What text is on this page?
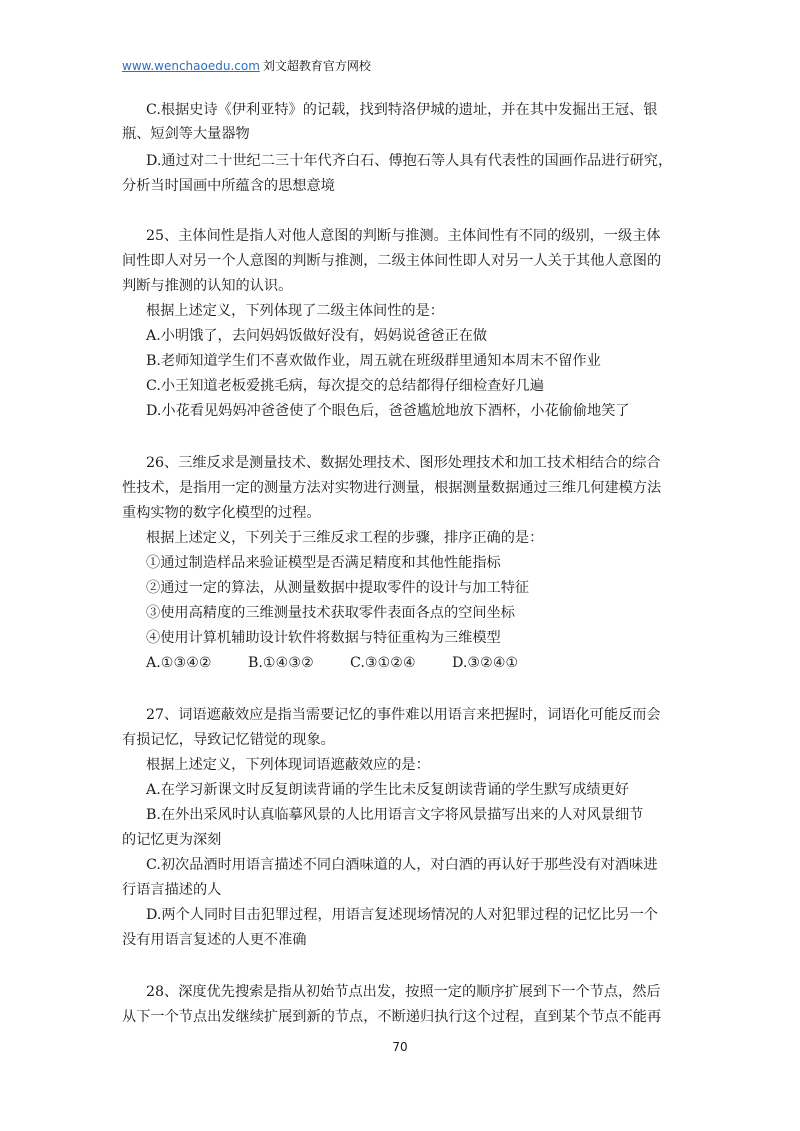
www.wenchaoedu.com 刘文超教育官方网校
C.根据史诗《伊利亚特》的记载，找到特洛伊城的遗址，并在其中发掘出王冠、银
瓶、短剑等大量器物
D.通过对二十世纪二三十年代齐白石、傅抱石等人具有代表性的国画作品进行研究，
分析当时国画中所蕴含的思想意境
25、主体间性是指人对他人意图的判断与推测。主体间性有不同的级别，一级主体
间性即人对另一个人意图的判断与推测，二级主体间性即人对另一人关于其他人意图的
判断与推测的认知的认识。
根据上述定义，下列体现了二级主体间性的是：
A.小明饿了，去问妈妈饭做好没有，妈妈说爸爸正在做
B.老师知道学生们不喜欢做作业，周五就在班级群里通知本周末不留作业
C.小王知道老板爱挑毛病，每次提交的总结都得仔细检查好几遍
D.小花看见妈妈冲爸爸使了个眼色后，爸爸尴尬地放下酒杯，小花偷偷地笑了
26、三维反求是测量技术、数据处理技术、图形处理技术和加工技术相结合的综合
性技术，是指用一定的测量方法对实物进行测量，根据测量数据通过三维几何建模方法
重构实物的数字化模型的过程。
根据上述定义，下列关于三维反求工程的步骤，排序正确的是：
①通过制造样品来验证模型是否满足精度和其他性能指标
②通过一定的算法，从测量数据中提取零件的设计与加工特征
③使用高精度的三维测量技术获取零件表面各点的空间坐标
④使用计算机辅助设计软件将数据与特征重构为三维模型
A.①③④②	B.①④③②	C.③①②④	D.③②④①
27、词语遮蔽效应是指当需要记忆的事件难以用语言来把握时，词语化可能反而会
有损记忆，导致记忆错觉的现象。
根据上述定义，下列体现词语遮蔽效应的是：
A.在学习新课文时反复朗读背诵的学生比未反复朗读背诵的学生默写成绩更好
B.在外出采风时认真临摹风景的人比用语言文字将风景描写出来的人对风景细节
的记忆更为深刻
C.初次品酒时用语言描述不同白酒味道的人，对白酒的再认好于那些没有对酒味进
行语言描述的人
D.两个人同时目击犯罪过程，用语言复述现场情况的人对犯罪过程的记忆比另一个
没有用语言复述的人更不准确
28、深度优先搜索是指从初始节点出发，按照一定的顺序扩展到下一个节点，然后
从下一个节点出发继续扩展到新的节点，不断递归执行这个过程，直到某个节点不能再
70
